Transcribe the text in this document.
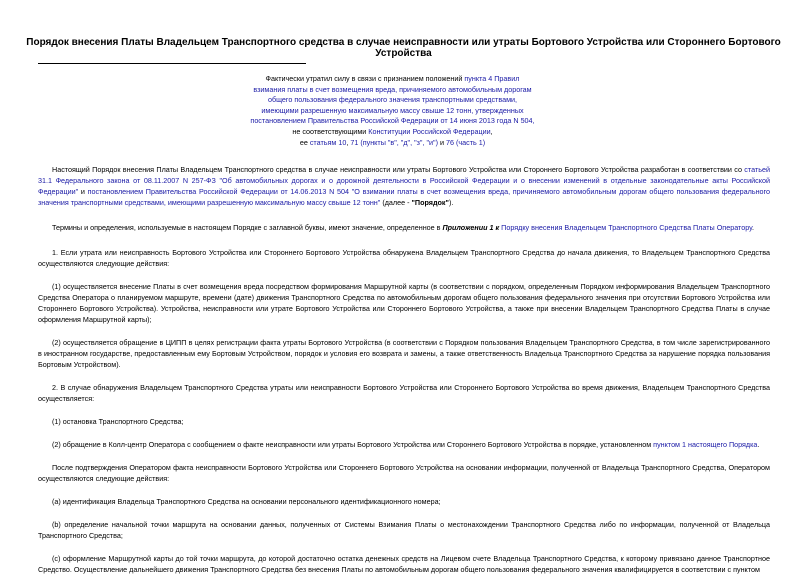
Порядок внесения Платы Владельцем Транспортного средства в случае неисправности или утраты Бортового Устройства или Стороннего Бортового Устройства
Фактически утратил силу в связи с признанием положений пункта 4 Правил
взимания платы в счет возмещения вреда, причиняемого автомобильным дорогам
общего пользования федерального значения транспортными средствами,
имеющими разрешенную максимальную массу свыше 12 тонн, утвержденных
постановлением Правительства Российской Федерации от 14 июня 2013 года N 504,
не соответствующими Конституции Российской Федерации,
ее статьям 10, 71 (пункты "в", "д", "з", "и") и 76 (часть 1)

Настоящий Порядок внесения Платы Владельцем Транспортного средства в случае неисправности или утраты Бортового Устройства или Стороннего Бортового Устройства разработан в соответствии со статьей 31.1 Федерального закона от 08.11.2007 N 257-ФЗ "Об автомобильных дорогах и о дорожной деятельности в Российской Федерации и о внесении изменений в отдельные законодательные акты Российской Федерации" и постановлением Правительства Российской Федерации от 14.06.2013 N 504 "О взимании платы в счет возмещения вреда, причиняемого автомобильным дорогам общего пользования федерального значения транспортными средствами, имеющими разрешенную максимальную массу свыше 12 тонн" (далее - "Порядок").

Термины и определения, используемые в настоящем Порядке с заглавной буквы, имеют значение, определенное в Приложении 1 к Порядку внесения Владельцем Транспортного Средства Платы Оператору.

1. Если утрата или неисправность Бортового Устройства или Стороннего Бортового Устройства обнаружена Владельцем Транспортного Средства до начала движения, то Владельцем Транспортного Средства осуществляются следующие действия:

(1) осуществляется внесение Платы в счет возмещения вреда посредством формирования Маршрутной карты (в соответствии с порядком, определенным Порядком информирования Владельцем Транспортного Средства Оператора о планируемом маршруте, времени (дате) движения Транспортного Средства по автомобильным дорогам общего пользования федерального значения при отсутствии Бортового Устройства или Стороннего Бортового Устройства). Устройства, неисправности или утрате Бортового Устройства или Стороннего Бортового Устройства, а также при внесении Владельцем Транспортного Средства Платы в случае оформления Маршрутной карты);

(2) осуществляется обращение в ЦИПП в целях регистрации факта утраты Бортового Устройства (в соответствии с Порядком пользования Владельцем Транспортного Средства, в том числе зарегистрированного в иностранном государстве, предоставленным ему Бортовым Устройством, порядок и условия его возврата и замены, а также ответственность Владельца Транспортного Средства за нарушение порядка пользования Бортовым Устройством).

2. В случае обнаружения Владельцем Транспортного Средства утраты или неисправности Бортового Устройства или Стороннего Бортового Устройства во время движения, Владельцем Транспортного Средства осуществляется:

(1) остановка Транспортного Средства;

(2) обращение в Колл-центр Оператора с сообщением о факте неисправности или утраты Бортового Устройства или Стороннего Бортового Устройства в порядке, установленном пунктом 1 настоящего Порядка.

После подтверждения Оператором факта неисправности Бортового Устройства или Стороннего Бортового Устройства на основании информации, полученной от Владельца Транспортного Средства, Оператором осуществляются следующие действия:

(а) идентификация Владельца Транспортного Средства на основании персонального идентификационного номера;

(b) определение начальной точки маршрута на основании данных, полученных от Системы Взимания Платы о местонахождении Транспортного Средства либо по информации, полученной от Владельца Транспортного Средства;

(c) оформление Маршрутной карты до той точки маршрута, до которой достаточно остатка денежных средств на Лицевом счете Владельца Транспортного Средства, к которому привязано данное Транспортное Средство. Осуществление дальнейшего движения Транспортного Средства без внесения Платы по автомобильным дорогам общего пользования федерального значения квалифицируется в соответствии с пунктом
